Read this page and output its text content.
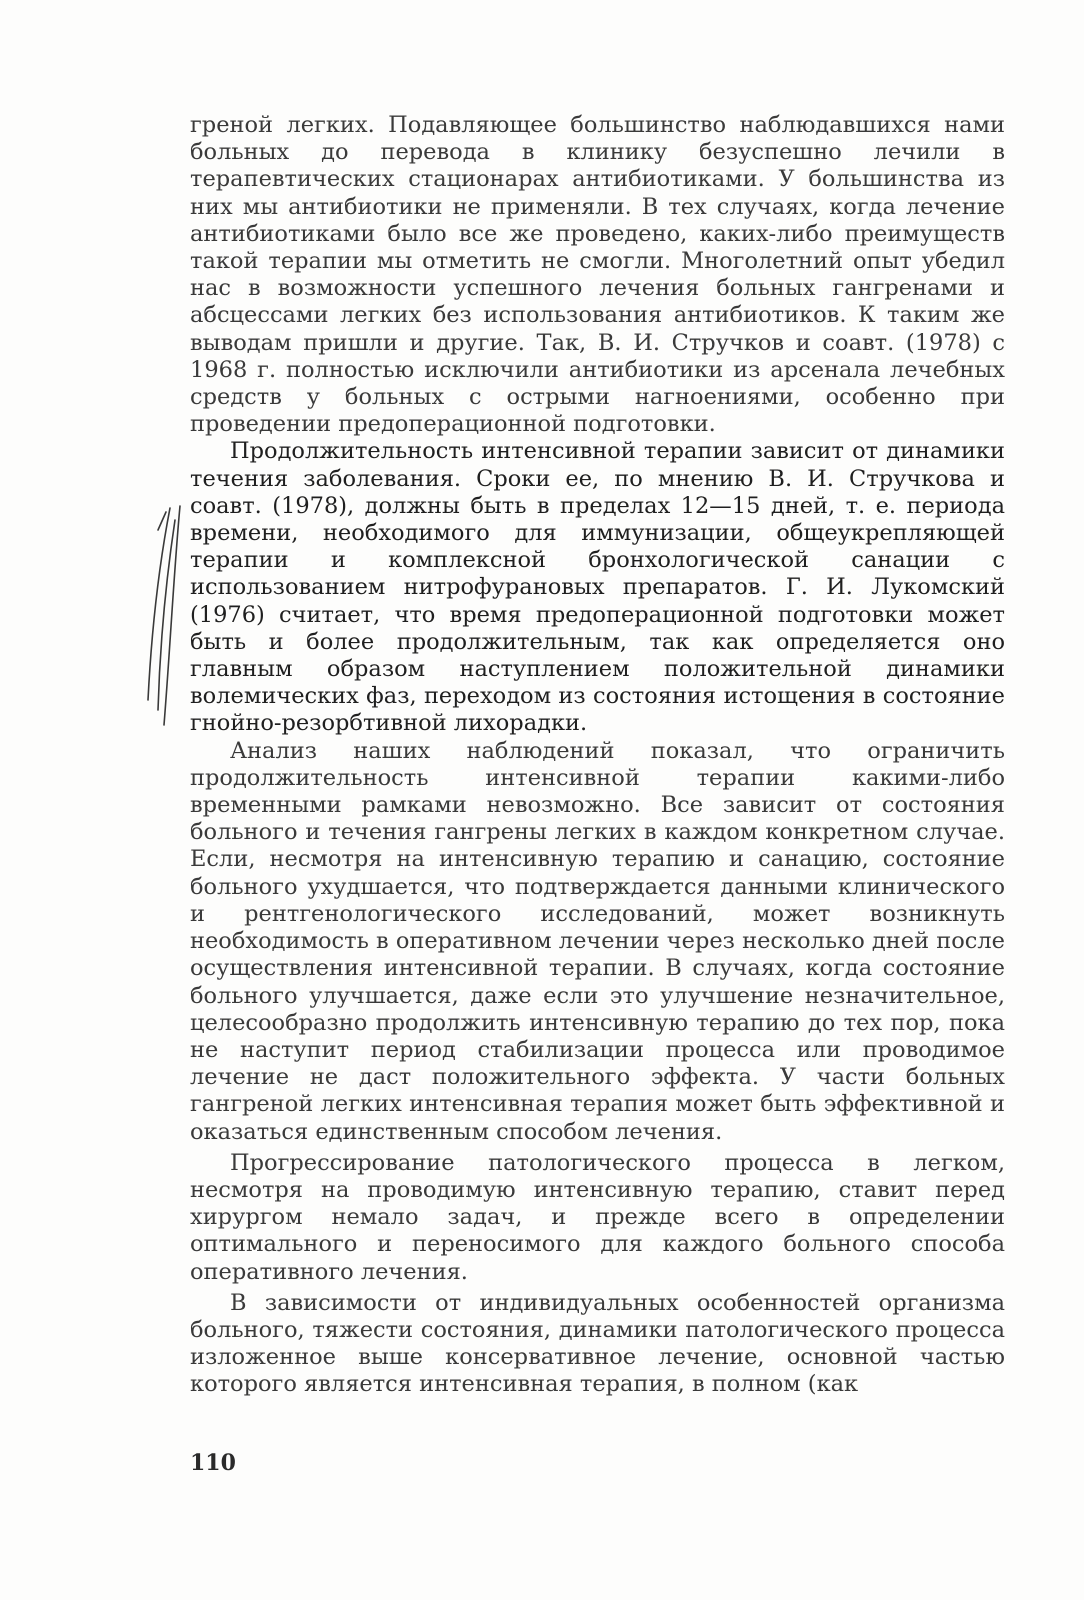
греной легких. Подавляющее большинство наблюдавшихся нами больных до перевода в клинику безуспешно лечили в терапевтических стационарах антибиотиками. У большинства из них мы антибиотики не применяли. В тех случаях, когда лечение антибиотиками было все же проведено, каких-либо преимуществ такой терапии мы отметить не смогли. Многолетний опыт убедил нас в возможности успешного лечения больных гангренами и абсцессами легких без использования антибиотиков. К таким же выводам пришли и другие. Так, В. И. Стручков и соавт. (1978) с 1968 г. полностью исключили антибиотики из арсенала лечебных средств у больных с острыми нагноениями, особенно при проведении предоперационной подготовки.

Продолжительность интенсивной терапии зависит от динамики течения заболевания. Сроки ее, по мнению В. И. Стручкова и соавт. (1978), должны быть в пределах 12—15 дней, т. е. периода времени, необходимого для иммунизации, общеукрепляющей терапии и комплексной бронхологической санации с использованием нитрофурановых препаратов. Г. И. Лукомский (1976) считает, что время предоперационной подготовки может быть и более продолжительным, так как определяется оно главным образом наступлением положительной динамики волемических фаз, переходом из состояния истощения в состояние гнойно-резорбтивной лихорадки.

Анализ наших наблюдений показал, что ограничить продолжительность интенсивной терапии какими-либо временными рамками невозможно. Все зависит от состояния больного и течения гангрены легких в каждом конкретном случае. Если, несмотря на интенсивную терапию и санацию, состояние больного ухудшается, что подтверждается данными клинического и рентгенологического исследований, может возникнуть необходимость в оперативном лечении через несколько дней после осуществления интенсивной терапии. В случаях, когда состояние больного улучшается, даже если это улучшение незначительное, целесообразно продолжить интенсивную терапию до тех пор, пока не наступит период стабилизации процесса или проводимое лечение не даст положительного эффекта. У части больных гангреной легких интенсивная терапия может быть эффективной и оказаться единственным способом лечения.

Прогрессирование патологического процесса в легком, несмотря на проводимую интенсивную терапию, ставит перед хирургом немало задач, и прежде всего в определении оптимального и переносимого для каждого больного способа оперативного лечения.

В зависимости от индивидуальных особенностей организма больного, тяжести состояния, динамики патологического процесса изложенное выше консервативное лечение, основной частью которого является интенсивная терапия, в полном (как

110
